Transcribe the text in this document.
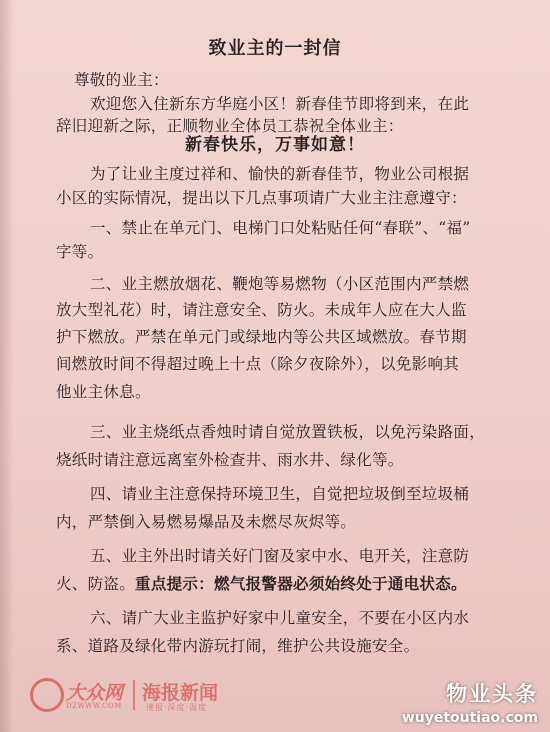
致业主的一封信
尊敬的业主：
欢迎您入住新东方华庭小区！新春佳节即将到来，在此
辞旧迎新之际，正顺物业全体员工恭祝全体业主：
新春快乐，万事如意！
为了让业主度过祥和、愉快的新春佳节，物业公司根据
小区的实际情况，提出以下几点事项请广大业主注意遵守：
一、禁止在单元门、电梯门口处粘贴任何“春联”、“福”
字等。
二、业主燃放烟花、鞭炮等易燃物（小区范围内严禁燃
放大型礼花）时，请注意安全、防火。未成年人应在大人监
护下燃放。严禁在单元门或绿地内等公共区域燃放。春节期
间燃放时间不得超过晚上十点（除夕夜除外），以免影响其
他业主休息。
三、业主烧纸点香烛时请自觉放置铁板，以免污染路面，
烧纸时请注意远离室外检查井、雨水井、绿化等。
四、请业主注意保持环境卫生，自觉把垃圾倒至垃圾桶
内，严禁倒入易燃易爆品及未燃尽灰烬等。
五、业主外出时请关好门窗及家中水、电开关，注意防
火、防盗。重点提示：燃气报警器必须始终处于通电状态。
六、请广大业主监护好家中儿童安全，不要在小区内水
系、道路及绿化带内游玩打闹，维护公共设施安全。
大众网
DZWWW.COM
海报新闻
速报·深度·温度
物业头条
wuyetoutiao.com
